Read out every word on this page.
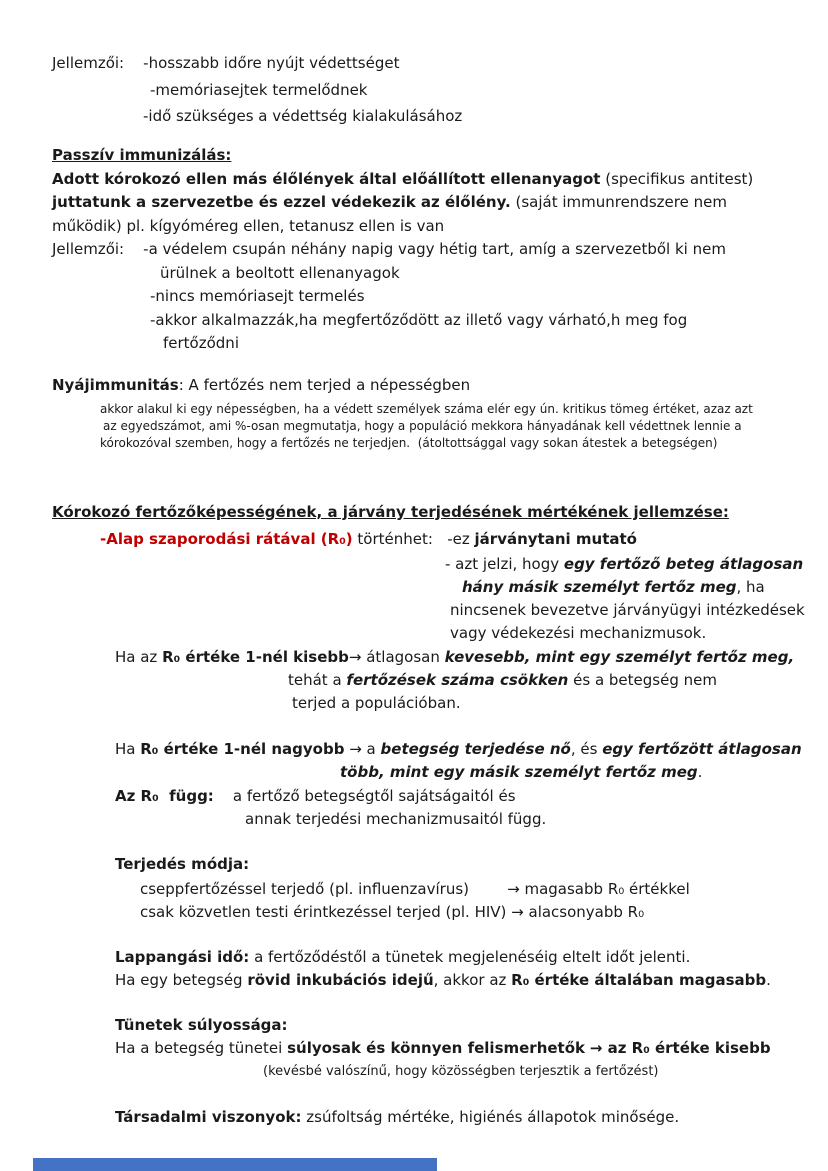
Jellemzői:    -hosszabb időre nyújt védettséget
-memóriasejtek termelődnek
-idő szükséges a védettség kialakulásához
Passzív immunizálás:
Adott kórokozó ellen más élőlények által előállított ellenanyagot (specifikus antitest)
juttatunk a szervezetbe és ezzel védekezik az élőlény. (saját immunrendszere nem
működik) pl. kígyóméreg ellen, tetanusz ellen is van
Jellemzői:    -a védelem csupán néhány napig vagy hétig tart, amíg a szervezetből ki nem
ürülnek a beoltott ellenanyagok
-nincs memóriasejt termelés
-akkor alkalmazzák,ha megfertőződött az illető vagy várható,h meg fog
fertőződni
Nyájimmunitás: A fertőzés nem terjed a népességben
akkor alakul ki egy népességben, ha a védett személyek száma elér egy ún. kritikus tömeg értéket, azaz azt
az egyedszámot, ami %-osan megmutatja, hogy a populáció mekkora hányadának kell védettnek lennie a
kórokozóval szemben, hogy a fertőzés ne terjedjen.  (átoltottsággal vagy sokan átestek a betegségen)
Kórokozó fertőzőképességének, a járvány terjedésének mértékének jellemzése:
-Alap szaporodási rátával (R₀) történhet:   -ez járványtani mutató
- azt jelzi, hogy egy fertőző beteg átlagosan
hány másik személyt fertőz meg, ha
nincsenek bevezetve járványügyi intézkedések
vagy védekezési mechanizmusok.
Ha az R₀ értéke 1-nél kisebb→ átlagosan kevesebb, mint egy személyt fertőz meg,
tehát a fertőzések száma csökken és a betegség nem
terjed a populációban.
Ha R₀ értéke 1-nél nagyobb → a betegség terjedése nő, és egy fertőzött átlagosan
több, mint egy másik személyt fertőz meg.
Az R₀  függ:    a fertőző betegségtől sajátságaitól és
annak terjedési mechanizmusaitól függ.
Terjedés módja:
cseppfertőzéssel terjedő (pl. influenzavírus)        → magasabb R₀ értékkel
csak közvetlen testi érintkezéssel terjed (pl. HIV) → alacsonyabb R₀
Lappangási idő: a fertőződéstől a tünetek megjelenéséig eltelt időt jelenti.
Ha egy betegség rövid inkubációs idejű, akkor az R₀ értéke általában magasabb.
Tünetek súlyossága:
Ha a betegség tünetei súlyosak és könnyen felismerhetők → az R₀ értéke kisebb
(kevésbé valószínű, hogy közösségben terjesztik a fertőzést)
Társadalmi viszonyok: zsúfoltság mértéke, higiénés állapotok minősége.
